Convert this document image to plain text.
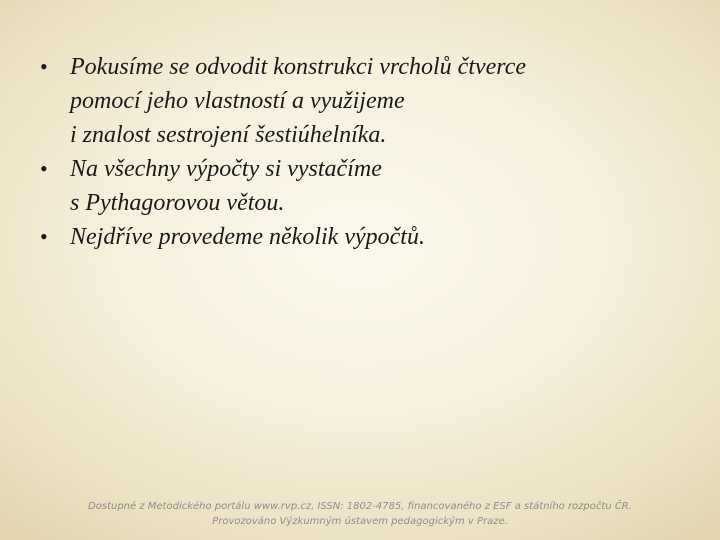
• Pokusíme se odvodit konstrukci vrcholů čtverce
pomocí jeho vlastností a využijeme
i znalost sestrojení šestiúhelníka.
• Na všechny výpočty si vystačíme
s Pythagorovou větou.
• Nejdříve provedeme několik výpočtů.
Dostupné z Metodického portálu www.rvp.cz, ISSN: 1802-4785, financovaného z ESF a státního rozpočtu ČR.
Provozováno Výzkumným ústavem pedagogickým v Praze.
